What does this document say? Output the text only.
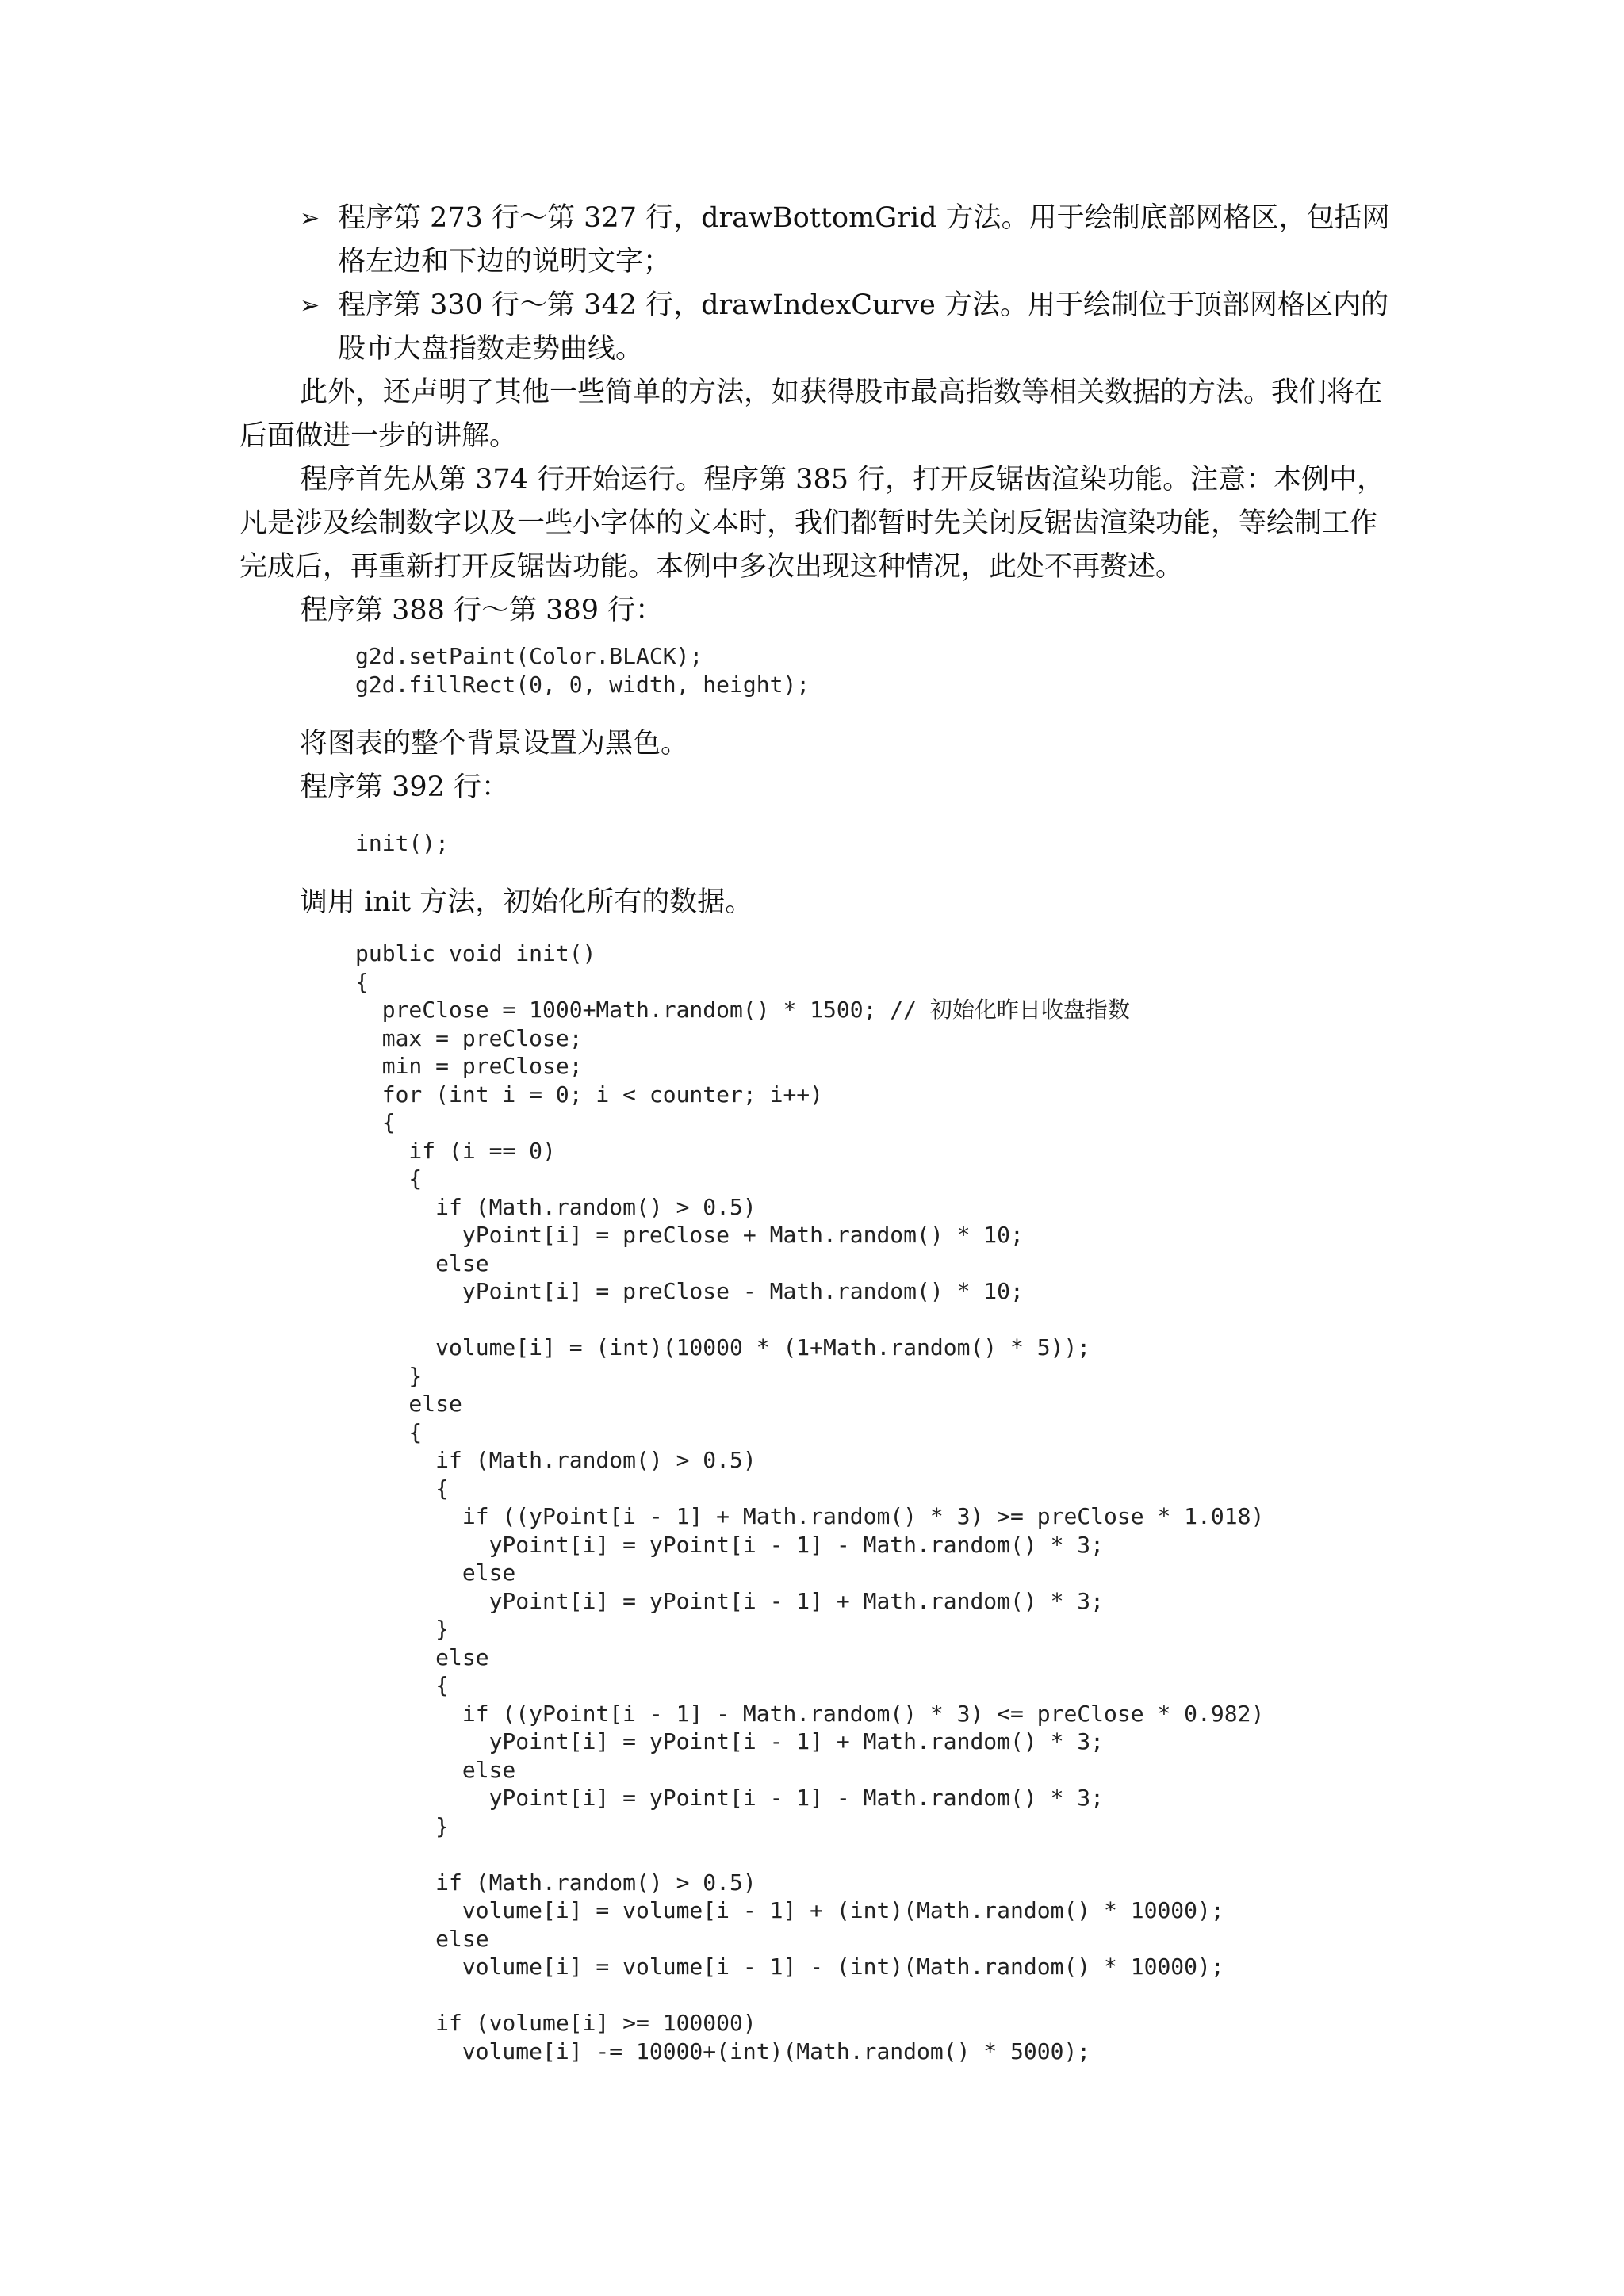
➢ 程序第 273 行～第 327 行，drawBottomGrid 方法。用于绘制底部网格区，包括网格左边和下边的说明文字；
➢ 程序第 330 行～第 342 行，drawIndexCurve 方法。用于绘制位于顶部网格区内的股市大盘指数走势曲线。

此外，还声明了其他一些简单的方法，如获得股市最高指数等相关数据的方法。我们将在后面做进一步的讲解。

程序首先从第 374 行开始运行。程序第 385 行，打开反锯齿渲染功能。注意：本例中，凡是涉及绘制数字以及一些小字体的文本时，我们都暂时先关闭反锯齿渲染功能，等绘制工作完成后，再重新打开反锯齿功能。本例中多次出现这种情况，此处不再赘述。

程序第 388 行～第 389 行：

g2d.setPaint(Color.BLACK);
g2d.fillRect(0, 0, width, height);

将图表的整个背景设置为黑色。

程序第 392 行：

init();

调用 init 方法，初始化所有的数据。

public void init()
{
preClose = 1000+Math.random() * 1500; // 初始化昨日收盘指数
max = preClose;
min = preClose;
for (int i = 0; i < counter; i++)
{
if (i == 0)
{
if (Math.random() > 0.5)
yPoint[i] = preClose + Math.random() * 10;
else
yPoint[i] = preClose - Math.random() * 10;

volume[i] = (int)(10000 * (1+Math.random() * 5));
}
else
{
if (Math.random() > 0.5)
{
if ((yPoint[i - 1] + Math.random() * 3) >= preClose * 1.018)
yPoint[i] = yPoint[i - 1] - Math.random() * 3;
else
yPoint[i] = yPoint[i - 1] + Math.random() * 3;
}
else
{
if ((yPoint[i - 1] - Math.random() * 3) <= preClose * 0.982)
yPoint[i] = yPoint[i - 1] + Math.random() * 3;
else
yPoint[i] = yPoint[i - 1] - Math.random() * 3;
}

if (Math.random() > 0.5)
volume[i] = volume[i - 1] + (int)(Math.random() * 10000);
else
volume[i] = volume[i - 1] - (int)(Math.random() * 10000);

if (volume[i] >= 100000)
volume[i] -= 10000+(int)(Math.random() * 5000);
